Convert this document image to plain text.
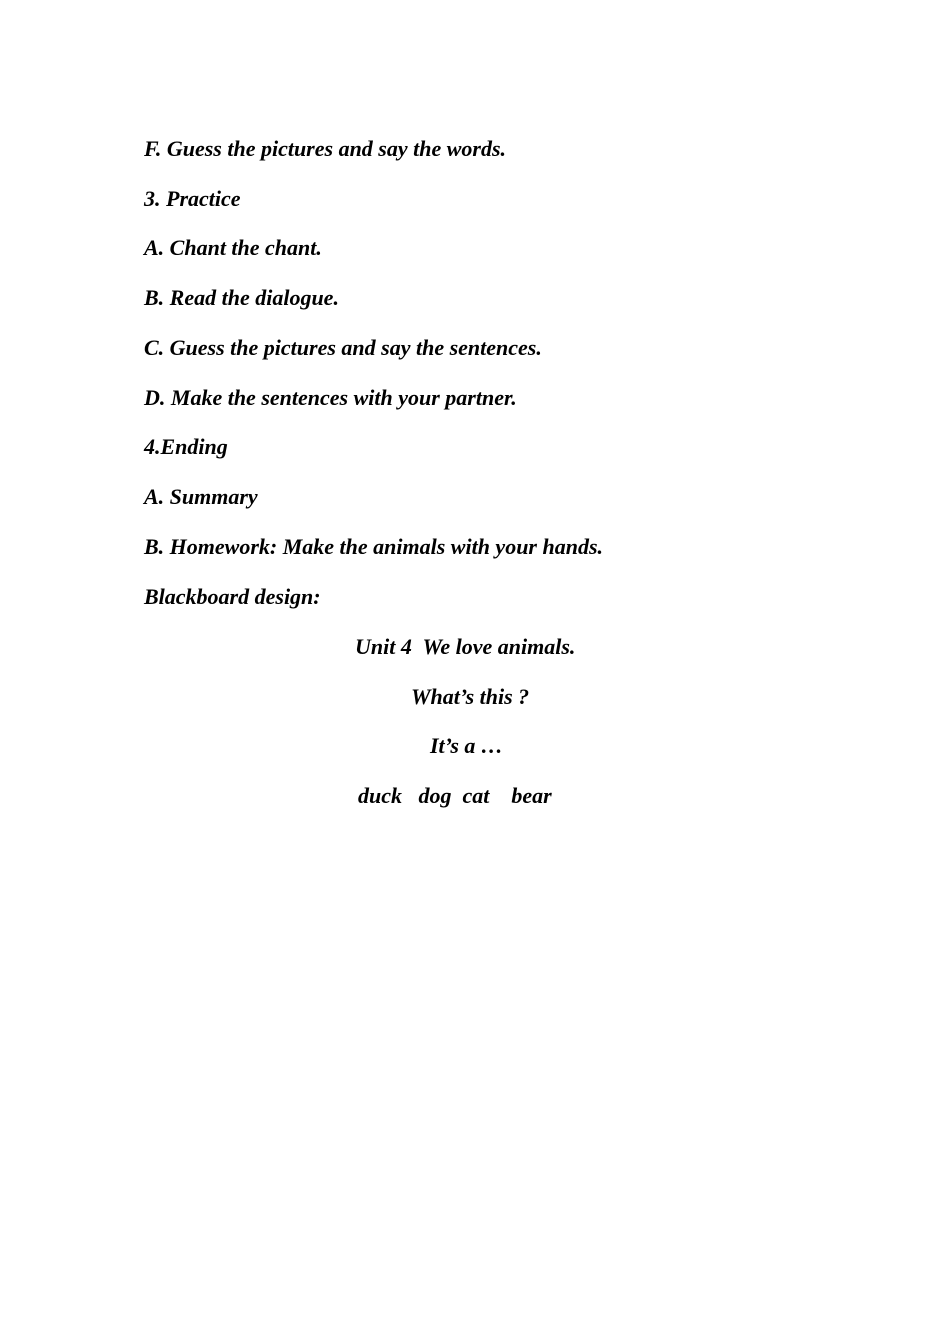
F. Guess the pictures and say the words.
3. Practice
A. Chant the chant.
B. Read the dialogue.
C. Guess the pictures and say the sentences.
D. Make the sentences with your partner.
4.Ending
A. Summary
B. Homework: Make the animals with your hands.
Blackboard design:
Unit 4  We love animals.
What’s this ?
It’s a …
duck   dog  cat    bear
